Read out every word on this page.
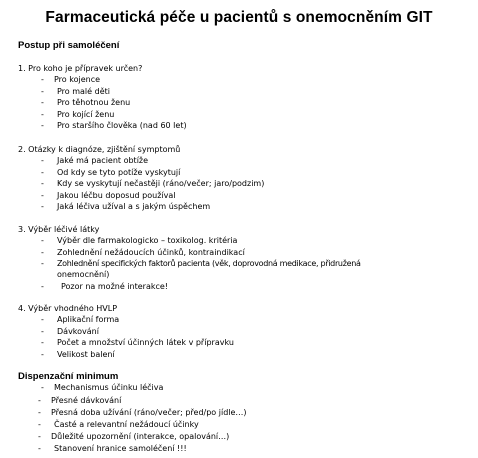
Farmaceutická péče u pacientů s onemocněním GIT
Postup při samoléčení
1. Pro koho je přípravek určen?
- Pro kojence
- Pro malé děti
- Pro těhotnou ženu
- Pro kojící ženu
- Pro staršího člověka (nad 60 let)
2. Otázky k diagnóze, zjištění symptomů
- Jaké má pacient obtíže
- Od kdy se tyto potíže vyskytují
- Kdy se vyskytují nečastěji (ráno/večer; jaro/podzim)
- Jakou léčbu doposud používal
- Jaká léčiva užíval a s jakým úspěchem
3. Výběr léčivé látky
- Výběr dle farmakologicko – toxikolog. kritéria
- Zohlednění nežádoucích účinků, kontraindikací
- Zohlednění specifických faktorů pacienta (věk, doprovodná medikace, přidružená
onemocnění)
- Pozor na možné interakce!
4. Výběr vhodného HVLP
- Aplikační forma
- Dávkování
- Počet a množství účinných látek v přípravku
- Velikost balení
Dispenzační minimum
- Mechanismus účinku léčiva
- Přesné dávkování
- Přesná doba užívání (ráno/večer; před/po jídle…)
- Časté a relevantní nežádoucí účinky
- Důležité upozornění (interakce, opalování…)
- Stanovení hranice samoléčení !!!
